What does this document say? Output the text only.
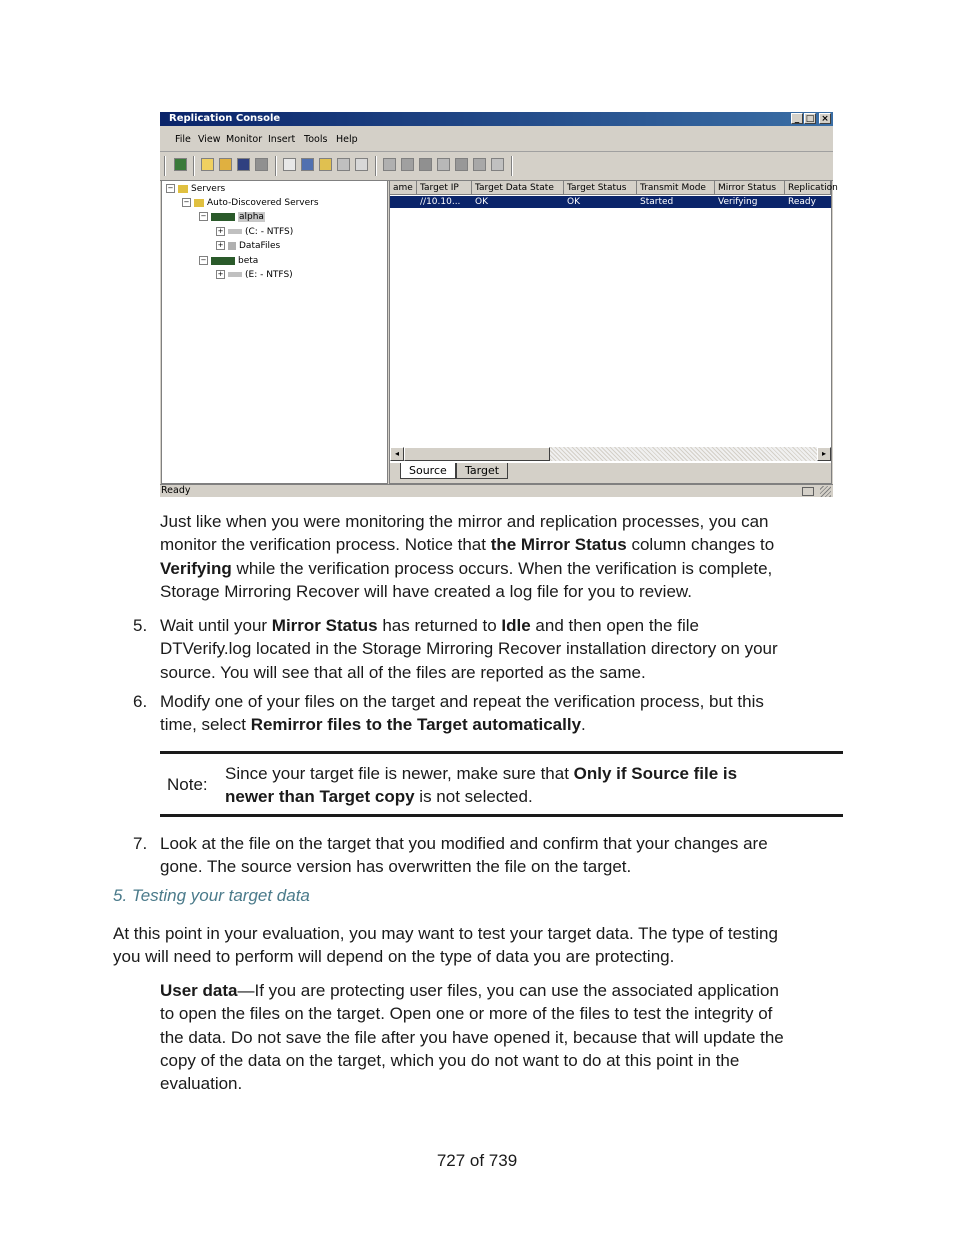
Replication Console	_ □ ×
File View Monitor Insert Tools Help
− Servers
− Auto-Discovered Servers
−	alpha
+ (C: - NTFS)
+ DataFiles
−	beta
+ (E: - NTFS)
ame Target IP	Target Data State	Target Status	Transmit Mode	Mirror Status	Replication
//10.10... OK	OK	Started	Verifying	Ready
◂	▸
Source	Target
Ready
Just like when you were monitoring the mirror and replication processes, you can
monitor the verification process. Notice that the Mirror Status column changes to
Verifying while the verification process occurs. When the verification is complete,
Storage Mirroring Recover will have created a log file for you to review.
5. Wait until your Mirror Status has returned to Idle and then open the file
DTVerify.log located in the Storage Mirroring Recover installation directory on your
source. You will see that all of the files are reported as the same.
6. Modify one of your files on the target and repeat the verification process, but this
time, select Remirror files to the Target automatically.
Note:
Since your target file is newer, make sure that Only if Source file is
newer than Target copy is not selected.
7. Look at the file on the target that you modified and confirm that your changes are
gone. The source version has overwritten the file on the target.
5. Testing your target data
At this point in your evaluation, you may want to test your target data. The type of testing
you will need to perform will depend on the type of data you are protecting.
User data—If you are protecting user files, you can use the associated application
to open the files on the target. Open one or more of the files to test the integrity of
the data. Do not save the file after you have opened it, because that will update the
copy of the data on the target, which you do not want to do at this point in the
evaluation.
727 of 739
